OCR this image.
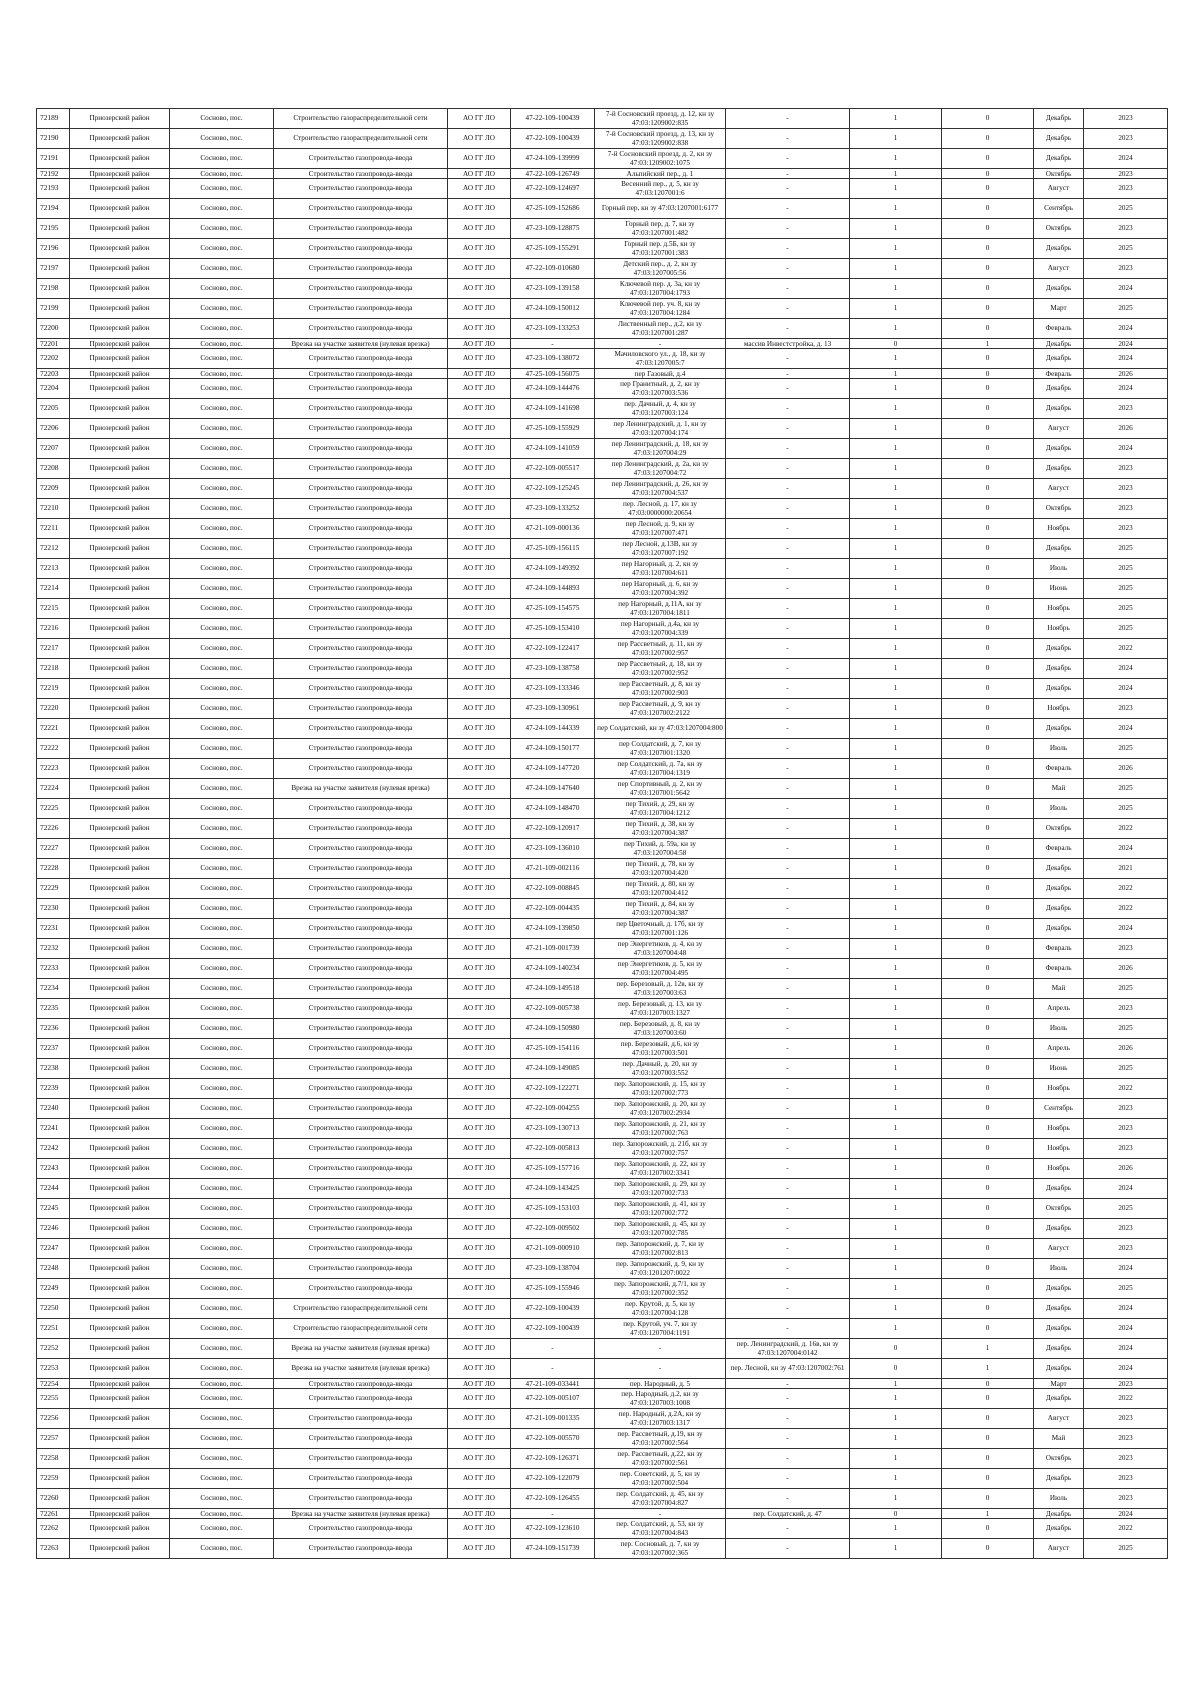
72189	Приозерский район	Сосново, пос.	Строительство газораспределительной сети	АО ГГ ЛО	47-22-109-100439	7-й Сосновский проезд, д. 12, кн зу 47:03:1209002:835	-	1	0	Декабрь	2023
72190	Приозерский район	Сосново, пос.	Строительство газораспределительной сети	АО ГГ ЛО	47-22-109-100439	7-й Сосновский проезд, д. 13, кн зу 47:03:1209002:838	-	1	0	Декабрь	2023
72191	Приозерский район	Сосново, пос.	Строительство газопровода-ввода	АО ГГ ЛО	47-24-109-139999	7-й Сосновский проезд, д. 2, кн зу 47:03:1209002:1075	-	1	0	Декабрь	2024
72192	Приозерский район	Сосново, пос.	Строительство газопровода-ввода	АО ГГ ЛО	47-22-109-126749	Альпийский пер., д. 1	-	1	0	Октябрь	2023
72193	Приозерский район	Сосново, пос.	Строительство газопровода-ввода	АО ГГ ЛО	47-22-109-124697	Весенний пер., д. 5, кн зу 47:03:1207001:6	-	1	0	Август	2023
72194	Приозерский район	Сосново, пос.	Строительство газопровода-ввода	АО ГГ ЛО	47-25-109-152686	Горный пер, кн зу 47:03:1207001:6177	-	1	0	Сентябрь	2025
72195	Приозерский район	Сосново, пос.	Строительство газопровода-ввода	АО ГГ ЛО	47-23-109-128875	Горный пер, д. 7, кн зу 47:03:1207001:482	-	1	0	Октябрь	2023
72196	Приозерский район	Сосново, пос.	Строительство газопровода-ввода	АО ГГ ЛО	47-25-109-155291	Горный пер. д.5Б, кн зу 47:03:1207001:383	-	1	0	Декабрь	2025
72197	Приозерский район	Сосново, пос.	Строительство газопровода-ввода	АО ГГ ЛО	47-22-109-010680	Детский пер., д. 2, кн зу 47:03:1207005:56	-	1	0	Август	2023
72198	Приозерский район	Сосново, пос.	Строительство газопровода-ввода	АО ГГ ЛО	47-23-109-139158	Ключевой пер. д. 3а, кн зу 47:03:1207004:1793	-	1	0	Декабрь	2024
72199	Приозерский район	Сосново, пос.	Строительство газопровода-ввода	АО ГГ ЛО	47-24-109-150012	Ключевой пер. уч. 8, кн зу 47:03:1207004:1284	-	1	0	Март	2025
72200	Приозерский район	Сосново, пос.	Строительство газопровода-ввода	АО ГГ ЛО	47-23-109-133253	Лиственный пер., д.2, кн зу 47:03:1207001:287	-	1	0	Февраль	2024
72201	Приозерский район	Сосново, пос.	Врезка на участке заявителя (нулевая врезка)	АО ГГ ЛО	-	-	массив Инвестстройка, д. 13	0	1	Декабрь	2024
72202	Приозерский район	Сосново, пос.	Строительство газопровода-ввода	АО ГГ ЛО	47-23-109-138072	Мачиловского ул., д. 18, кн зу 47:03:1207005:7	-	1	0	Декабрь	2024
72203	Приозерский район	Сосново, пос.	Строительство газопровода-ввода	АО ГГ ЛО	47-25-109-156075	пер Газовый, д.4	-	1	0	Февраль	2026
72204	Приозерский район	Сосново, пос.	Строительство газопровода-ввода	АО ГГ ЛО	47-24-109-144476	пер Гранитный, д. 2, кн зу 47:03:1207003:536	-	1	0	Декабрь	2024
72205	Приозерский район	Сосново, пос.	Строительство газопровода-ввода	АО ГГ ЛО	47-24-109-141698	пер. Дачный, д. 4, кн зу 47:03:1207003:124	-	1	0	Декабрь	2023
72206	Приозерский район	Сосново, пос.	Строительство газопровода-ввода	АО ГГ ЛО	47-25-109-155929	пер Ленинградский, д. 1, кн зу 47:03:1207004:174	-	1	0	Август	2026
72207	Приозерский район	Сосново, пос.	Строительство газопровода-ввода	АО ГГ ЛО	47-24-109-141059	пер Ленинградский, д. 18, кн зу 47:03:1207004:29	-	1	0	Декабрь	2024
72208	Приозерский район	Сосново, пос.	Строительство газопровода-ввода	АО ГГ ЛО	47-22-109-005517	пер Ленинградский, д. 2а, кн зу 47:03:1207004:72	-	1	0	Декабрь	2023
72209	Приозерский район	Сосново, пос.	Строительство газопровода-ввода	АО ГГ ЛО	47-22-109-125245	пер Ленинградский, д. 26, кн зу 47:03:1207004:537	-	1	0	Август	2023
72210	Приозерский район	Сосново, пос.	Строительство газопровода-ввода	АО ГГ ЛО	47-23-109-133252	пер. Лесной, д. 17, кн зу 47:03:0000000:20654	-	1	0	Октябрь	2023
72211	Приозерский район	Сосново, пос.	Строительство газопровода-ввода	АО ГГ ЛО	47-21-109-000136	пер Лесной, д. 9, кн зу 47:03:1207007:471	-	1	0	Ноябрь	2023
72212	Приозерский район	Сосново, пос.	Строительство газопровода-ввода	АО ГГ ЛО	47-25-109-156115	пер Лесной, д.13В, кн зу 47:03:1207007:192	-	1	0	Декабрь	2025
72213	Приозерский район	Сосново, пос.	Строительство газопровода-ввода	АО ГГ ЛО	47-24-109-149392	пер Нагорный, д. 2, кн зу 47:03:1207004:611	-	1	0	Июль	2025
72214	Приозерский район	Сосново, пос.	Строительство газопровода-ввода	АО ГГ ЛО	47-24-109-144893	пер Нагорный, д. 6, кн зу 47:03:1207004:392	-	1	0	Июнь	2025
72215	Приозерский район	Сосново, пос.	Строительство газопровода-ввода	АО ГГ ЛО	47-25-109-154575	пер Нагорный, д.11А, кн зу 47:03:1207004:1811	-	1	0	Ноябрь	2025
72216	Приозерский район	Сосново, пос.	Строительство газопровода-ввода	АО ГГ ЛО	47-25-109-153410	пер Нагорный, д.4а, кн зу 47:03:1207004:339	-	1	0	Ноябрь	2025
72217	Приозерский район	Сосново, пос.	Строительство газопровода-ввода	АО ГГ ЛО	47-22-109-122417	пер Рассветный, д. 11, кн зу 47:03:1207002:957	-	1	0	Декабрь	2022
72218	Приозерский район	Сосново, пос.	Строительство газопровода-ввода	АО ГГ ЛО	47-23-109-138758	пер Рассветный, д. 18, кн зу 47:03:1207002:952	-	1	0	Декабрь	2024
72219	Приозерский район	Сосново, пос.	Строительство газопровода-ввода	АО ГГ ЛО	47-23-109-133346	пер Рассветный, д. 8, кн зу 47:03:1207002:903	-	1	0	Декабрь	2024
72220	Приозерский район	Сосново, пос.	Строительство газопровода-ввода	АО ГГ ЛО	47-23-109-130961	пер Рассветный, д. 9, кн зу 47:03:1207002:2122	-	1	0	Ноябрь	2023
72221	Приозерский район	Сосново, пос.	Строительство газопровода-ввода	АО ГГ ЛО	47-24-109-144339	пер Солдатский, кн зу 47:03:1207004:800	-	1	0	Декабрь	2024
72222	Приозерский район	Сосново, пос.	Строительство газопровода-ввода	АО ГГ ЛО	47-24-109-150177	пер Солдатский, д. 7, кн зу 47:03:1207001:1320	-	1	0	Июль	2025
72223	Приозерский район	Сосново, пос.	Строительство газопровода-ввода	АО ГГ ЛО	47-24-109-147720	пер Солдатский, д. 7а, кн зу 47:03:1207004:1319	-	1	0	Февраль	2026
72224	Приозерский район	Сосново, пос.	Врезка на участке заявителя (нулевая врезка)	АО ГГ ЛО	47-24-109-147640	пер Спортивный, д. 2, кн зу 47:03:1207001:5642	-	1	0	Май	2025
72225	Приозерский район	Сосново, пос.	Строительство газопровода-ввода	АО ГГ ЛО	47-24-109-148470	пер Тихий, д. 29, кн зу 47:03:1207004:1212	-	1	0	Июль	2025
72226	Приозерский район	Сосново, пос.	Строительство газопровода-ввода	АО ГГ ЛО	47-22-109-120917	пер Тихий, д. 38, кн зу 47:03:1207004:387	-	1	0	Октябрь	2022
72227	Приозерский район	Сосново, пос.	Строительство газопровода-ввода	АО ГГ ЛО	47-23-109-136010	пер Тихий, д. 59а, кн зу 47:03:1207004:58	-	1	0	Февраль	2024
72228	Приозерский район	Сосново, пос.	Строительство газопровода-ввода	АО ГГ ЛО	47-21-109-002116	пер Тихий, д. 78, кн зу 47:03:1207004:420	-	1	0	Декабрь	2021
72229	Приозерский район	Сосново, пос.	Строительство газопровода-ввода	АО ГГ ЛО	47-22-109-008845	пер Тихий, д. 80, кн зу 47:03:1207004:412	-	1	0	Декабрь	2022
72230	Приозерский район	Сосново, пос.	Строительство газопровода-ввода	АО ГГ ЛО	47-22-109-004435	пер Тихий, д. 84, кн зу 47:03:1207004:387	-	1	0	Декабрь	2022
72231	Приозерский район	Сосново, пос.	Строительство газопровода-ввода	АО ГГ ЛО	47-24-109-139850	пер Цветочный, д. 17б, кн зу 47:03:1207001:126	-	1	0	Декабрь	2024
72232	Приозерский район	Сосново, пос.	Строительство газопровода-ввода	АО ГГ ЛО	47-21-109-001739	пер Энергетиков, д. 4, кн зу 47:03:1207004:48	-	1	0	Февраль	2023
72233	Приозерский район	Сосново, пос.	Строительство газопровода-ввода	АО ГГ ЛО	47-24-109-140234	пер Энергетиков, д. 5, кн зу 47:03:1207004:495	-	1	0	Февраль	2026
72234	Приозерский район	Сосново, пос.	Строительство газопровода-ввода	АО ГГ ЛО	47-24-109-149518	пер. Березовый, д. 12в, кн зу 47:03:1207003:63	-	1	0	Май	2025
72235	Приозерский район	Сосново, пос.	Строительство газопровода-ввода	АО ГГ ЛО	47-22-109-005738	пер. Березовый, д. 13, кн зу 47:03:1207003:1327	-	1	0	Апрель	2023
72236	Приозерский район	Сосново, пос.	Строительство газопровода-ввода	АО ГГ ЛО	47-24-109-150980	пер. Березовый, д. 8, кн зу 47:03:1207003:60	-	1	0	Июль	2025
72237	Приозерский район	Сосново, пос.	Строительство газопровода-ввода	АО ГГ ЛО	47-25-109-154116	пер. Березовый, д.6, кн зу 47:03:1207003:501	-	1	0	Апрель	2026
72238	Приозерский район	Сосново, пос.	Строительство газопровода-ввода	АО ГГ ЛО	47-24-109-149085	пер. Дачный, д. 20, кн зу 47:03:1207003:552	-	1	0	Июнь	2025
72239	Приозерский район	Сосново, пос.	Строительство газопровода-ввода	АО ГГ ЛО	47-22-109-122271	пер. Запорожский, д. 15, кн зу 47:03:1207002:773	-	1	0	Ноябрь	2022
72240	Приозерский район	Сосново, пос.	Строительство газопровода-ввода	АО ГГ ЛО	47-22-109-004255	пер. Запорожский, д. 20, кн зу 47:03:1207002:2934	-	1	0	Сентябрь	2023
72241	Приозерский район	Сосново, пос.	Строительство газопровода-ввода	АО ГГ ЛО	47-23-109-130713	пер. Запорожский, д. 21, кн зу 47:03:1207002:763	-	1	0	Ноябрь	2023
72242	Приозерский район	Сосново, пос.	Строительство газопровода-ввода	АО ГГ ЛО	47-22-109-005813	пер. Запорожский, д. 21б, кн зу 47:03:1207002:757	-	1	0	Ноябрь	2023
72243	Приозерский район	Сосново, пос.	Строительство газопровода-ввода	АО ГГ ЛО	47-25-109-157716	пер. Запорожский, д. 22, кн зу 47:03:1207002:3341	-	1	0	Ноябрь	2026
72244	Приозерский район	Сосново, пос.	Строительство газопровода-ввода	АО ГГ ЛО	47-24-109-143425	пер. Запорожский, д. 29, кн зу 47:03:1207002:733	-	1	0	Декабрь	2024
72245	Приозерский район	Сосново, пос.	Строительство газопровода-ввода	АО ГГ ЛО	47-25-109-153103	пер. Запорожский, д. 41, кн зу 47:03:1207002:772	-	1	0	Октябрь	2025
72246	Приозерский район	Сосново, пос.	Строительство газопровода-ввода	АО ГГ ЛО	47-22-109-009502	пер. Запорожский, д. 45, кн зу 47:03:1207002:785	-	1	0	Декабрь	2023
72247	Приозерский район	Сосново, пос.	Строительство газопровода-ввода	АО ГГ ЛО	47-21-109-000910	пер. Запорожский, д. 7, кн зу 47:03:1207002:813	-	1	0	Август	2023
72248	Приозерский район	Сосново, пос.	Строительство газопровода-ввода	АО ГГ ЛО	47-23-109-138704	пер. Запорожский, д. 9, кн зу 47:03:1201207:0022	-	1	0	Июль	2024
72249	Приозерский район	Сосново, пос.	Строительство газопровода-ввода	АО ГГ ЛО	47-25-109-155946	пер. Запорожский, д.7/1, кн зу 47:03:1207002:352	-	1	0	Декабрь	2025
72250	Приозерский район	Сосново, пос.	Строительство газораспределительной сети	АО ГГ ЛО	47-22-109-100439	пер. Крутой, д. 5, кн зу 47:03:1207004:128	-	1	0	Декабрь	2024
72251	Приозерский район	Сосново, пос.	Строительство газораспределительной сети	АО ГГ ЛО	47-22-109-100439	пер. Крутой, уч. 7, кн зу 47:03:1207004:1191	-	1	0	Декабрь	2024
72252	Приозерский район	Сосново, пос.	Врезка на участке заявителя (нулевая врезка)	АО ГГ ЛО	-	-	пер. Ленинградский, д. 16в, кн зу 47:03:1207004:0142	0	1	Декабрь	2024
72253	Приозерский район	Сосново, пос.	Врезка на участке заявителя (нулевая врезка)	АО ГГ ЛО	-	-	пер. Лесной, кн зу 47:03:1207002:761	0	1	Декабрь	2024
72254	Приозерский район	Сосново, пос.	Строительство газопровода-ввода	АО ГГ ЛО	47-21-109-033441	пер. Народный, д. 5	-	1	0	Март	2023
72255	Приозерский район	Сосново, пос.	Строительство газопровода-ввода	АО ГГ ЛО	47-22-109-005107	пер. Народный, д.2, кн зу 47:03:1207003:1008	-	1	0	Декабрь	2022
72256	Приозерский район	Сосново, пос.	Строительство газопровода-ввода	АО ГГ ЛО	47-21-109-001335	пер. Народный, д.2А, кн зу 47:03:1207003:1317	-	1	0	Август	2023
72257	Приозерский район	Сосново, пос.	Строительство газопровода-ввода	АО ГГ ЛО	47-22-109-005570	пер. Рассветный, д.19, кн зу 47:03:1207002:564	-	1	0	Май	2023
72258	Приозерский район	Сосново, пос.	Строительство газопровода-ввода	АО ГГ ЛО	47-22-109-126371	пер. Рассветный, д.22, кн зу 47:03:1207002:561	-	1	0	Октябрь	2023
72259	Приозерский район	Сосново, пос.	Строительство газопровода-ввода	АО ГГ ЛО	47-22-109-122079	пер. Советский, д. 5, кн зу 47:03:1207002:504	-	1	0	Декабрь	2023
72260	Приозерский район	Сосново, пос.	Строительство газопровода-ввода	АО ГГ ЛО	47-22-109-126455	пер. Солдатский, д. 45, кн зу 47:03:1207004:827	-	1	0	Июль	2023
72261	Приозерский район	Сосново, пос.	Врезка на участке заявителя (нулевая врезка)	АО ГГ ЛО	-	-	пер. Солдатский, д. 47	0	1	Декабрь	2024
72262	Приозерский район	Сосново, пос.	Строительство газопровода-ввода	АО ГГ ЛО	47-22-109-123610	пер. Солдатский, д. 53, кн зу 47:03:1207004:843	-	1	0	Декабрь	2022
72263	Приозерский район	Сосново, пос.	Строительство газопровода-ввода	АО ГГ ЛО	47-24-109-151739	пер. Сосновый, д. 7, кн зу 47:03:1207002:365	-	1	0	Август	2025
